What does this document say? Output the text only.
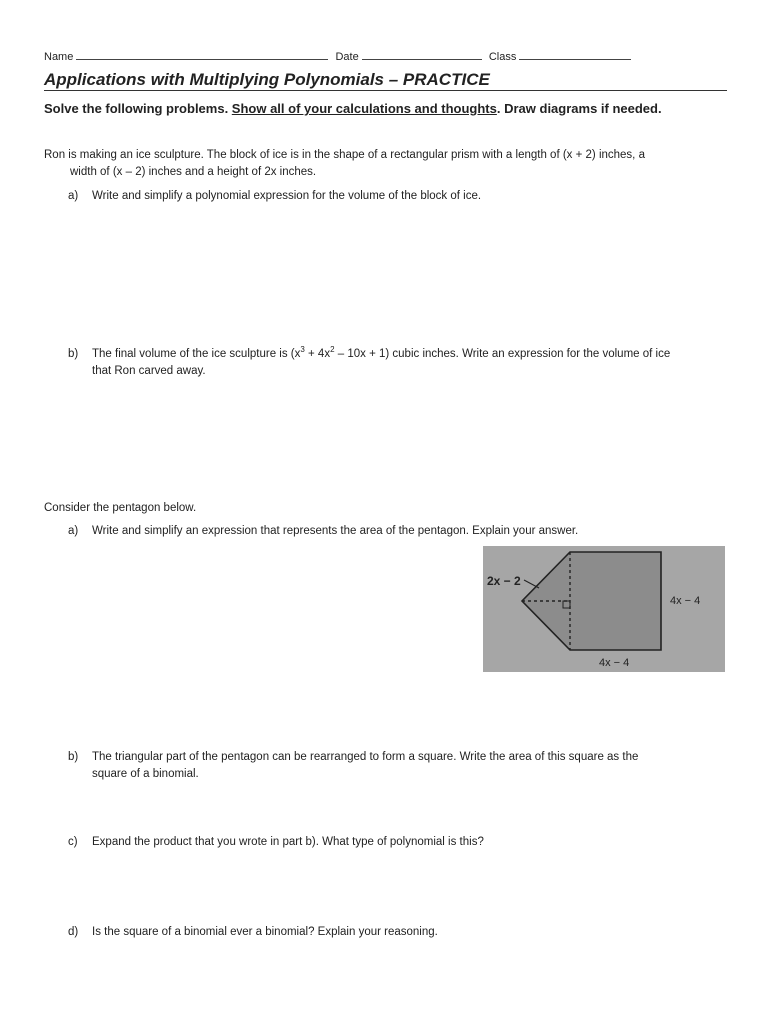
Name	Date	Class
Applications with Multiplying Polynomials – PRACTICE
Solve the following problems. Show all of your calculations and thoughts. Draw diagrams if needed.
Ron is making an ice sculpture. The block of ice is in the shape of a rectangular prism with a length of (x + 2) inches, a
width of (x – 2) inches and a height of 2x inches.
a) Write and simplify a polynomial expression for the volume of the block of ice.
b) The final volume of the ice sculpture is $(x^3 + 4x^2 - 10x + 1)$ cubic inches. Write an expression for the volume of ice
that Ron carved away.
Consider the pentagon below.
a) Write and simplify an expression that represents the area of the pentagon. Explain your answer.
2x − 2
4x − 4
4x − 4
b) The triangular part of the pentagon can be rearranged to form a square. Write the area of this square as the
square of a binomial.
c) Expand the product that you wrote in part b). What type of polynomial is this?
d) Is the square of a binomial ever a binomial? Explain your reasoning.
